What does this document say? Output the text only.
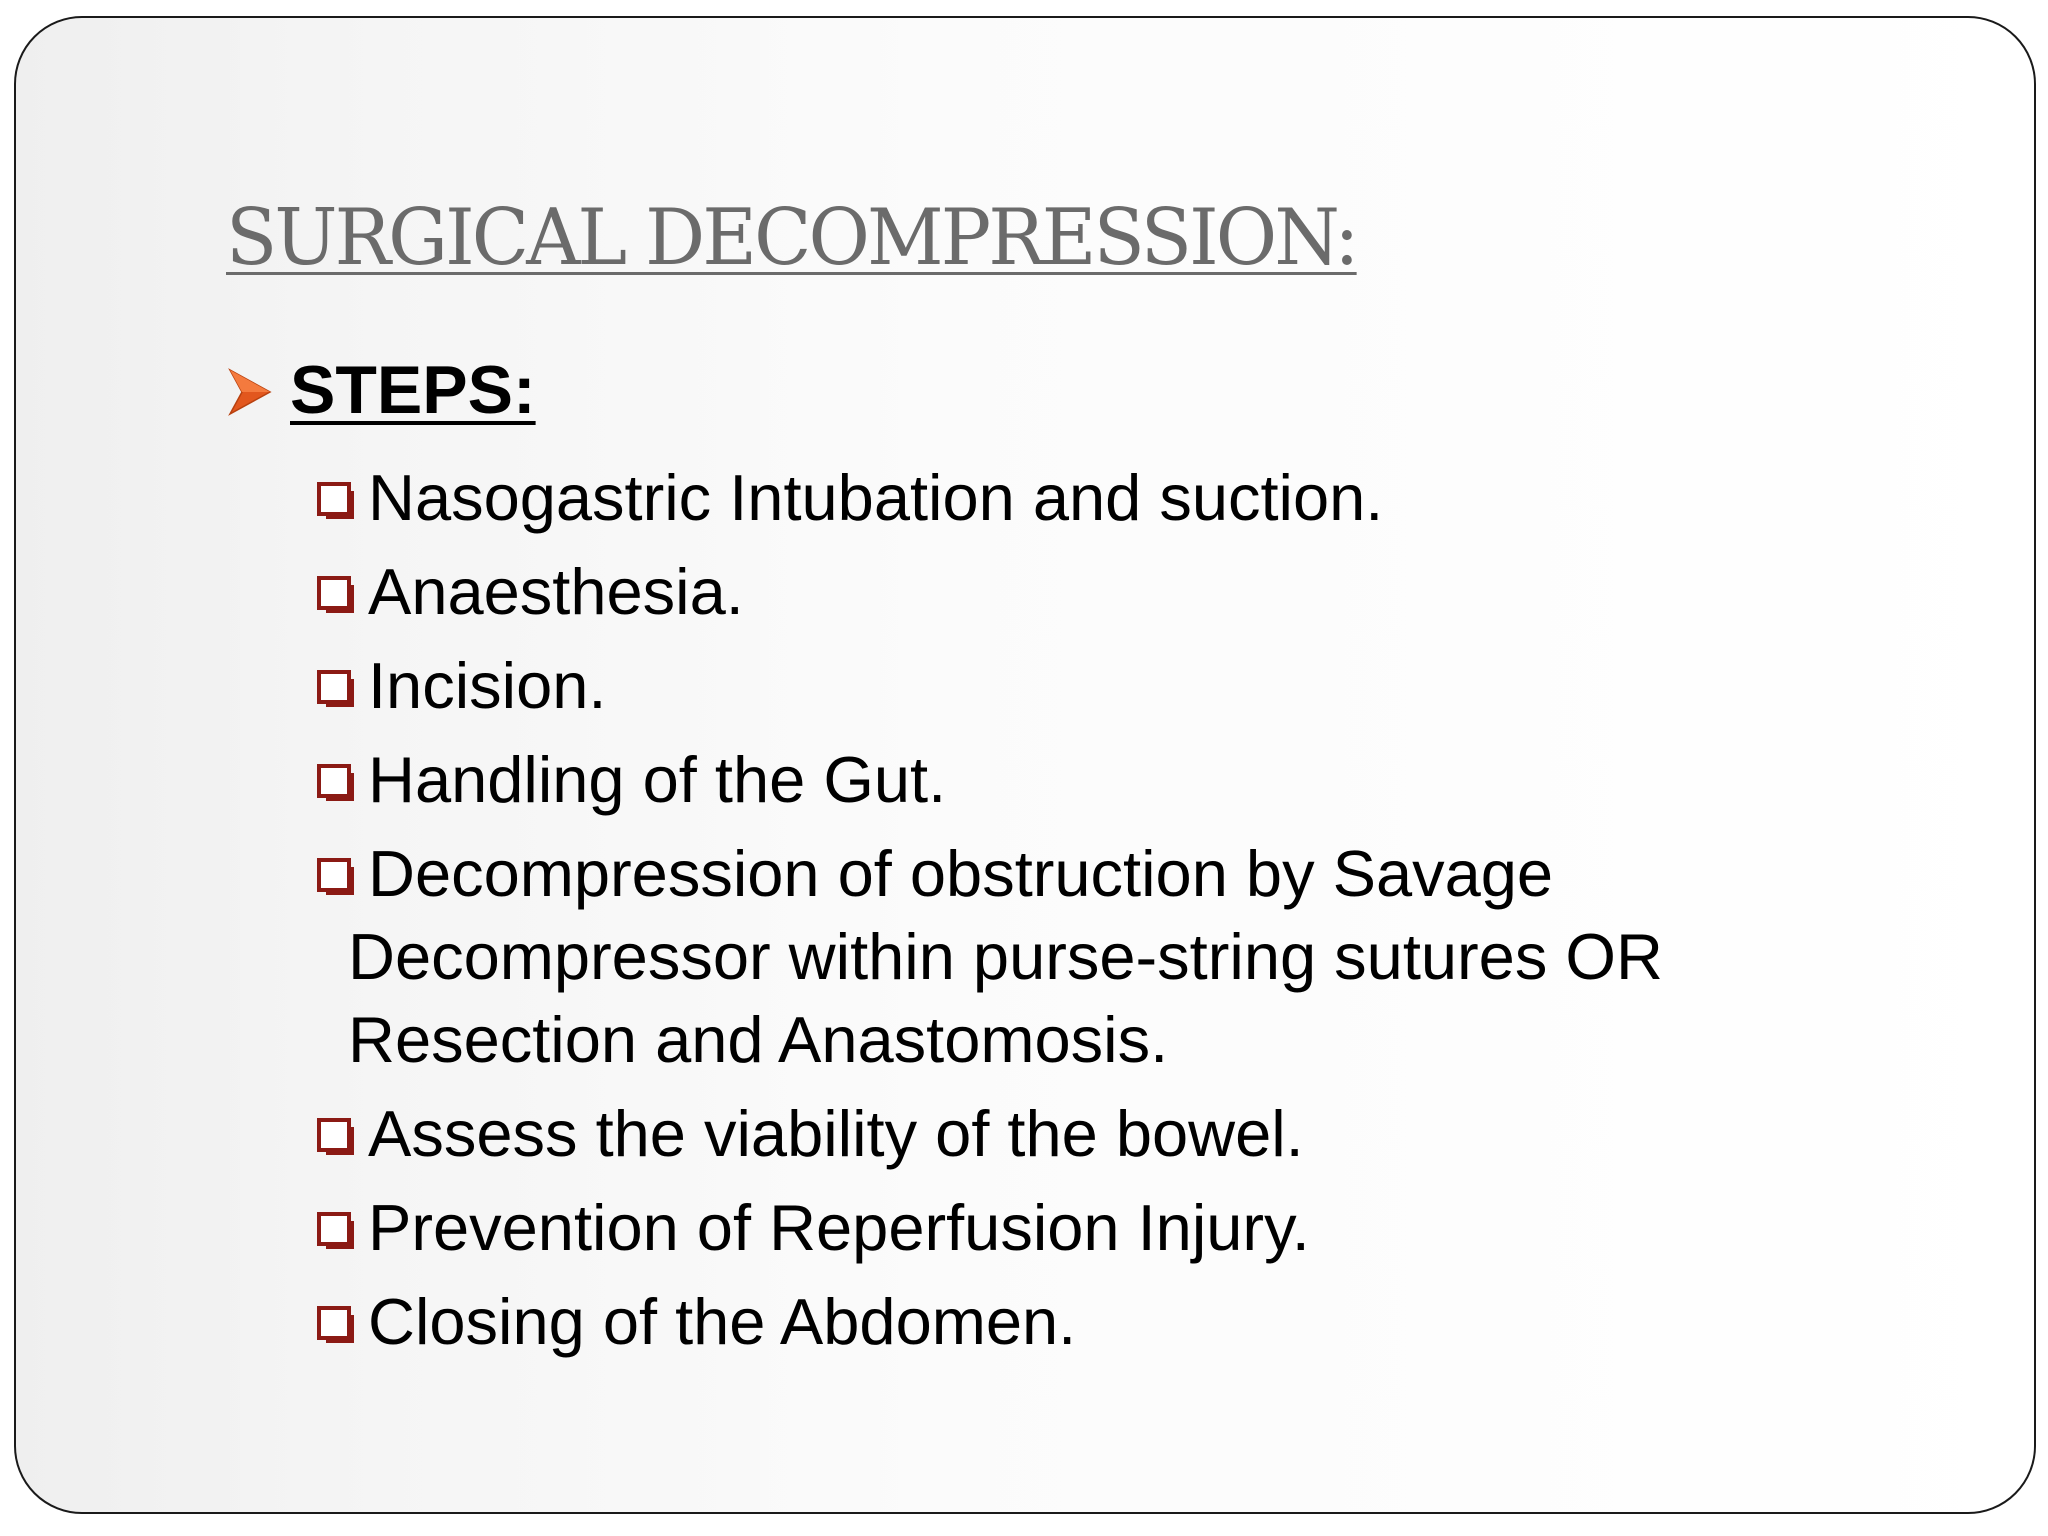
SURGICAL DECOMPRESSION:
STEPS:
Nasogastric Intubation and suction.
Anaesthesia.
Incision.
Handling of the Gut.
Decompression of obstruction by Savage Decompressor within purse-string sutures OR Resection and Anastomosis.
Assess the viability of the bowel.
Prevention of Reperfusion Injury.
Closing of the Abdomen.
